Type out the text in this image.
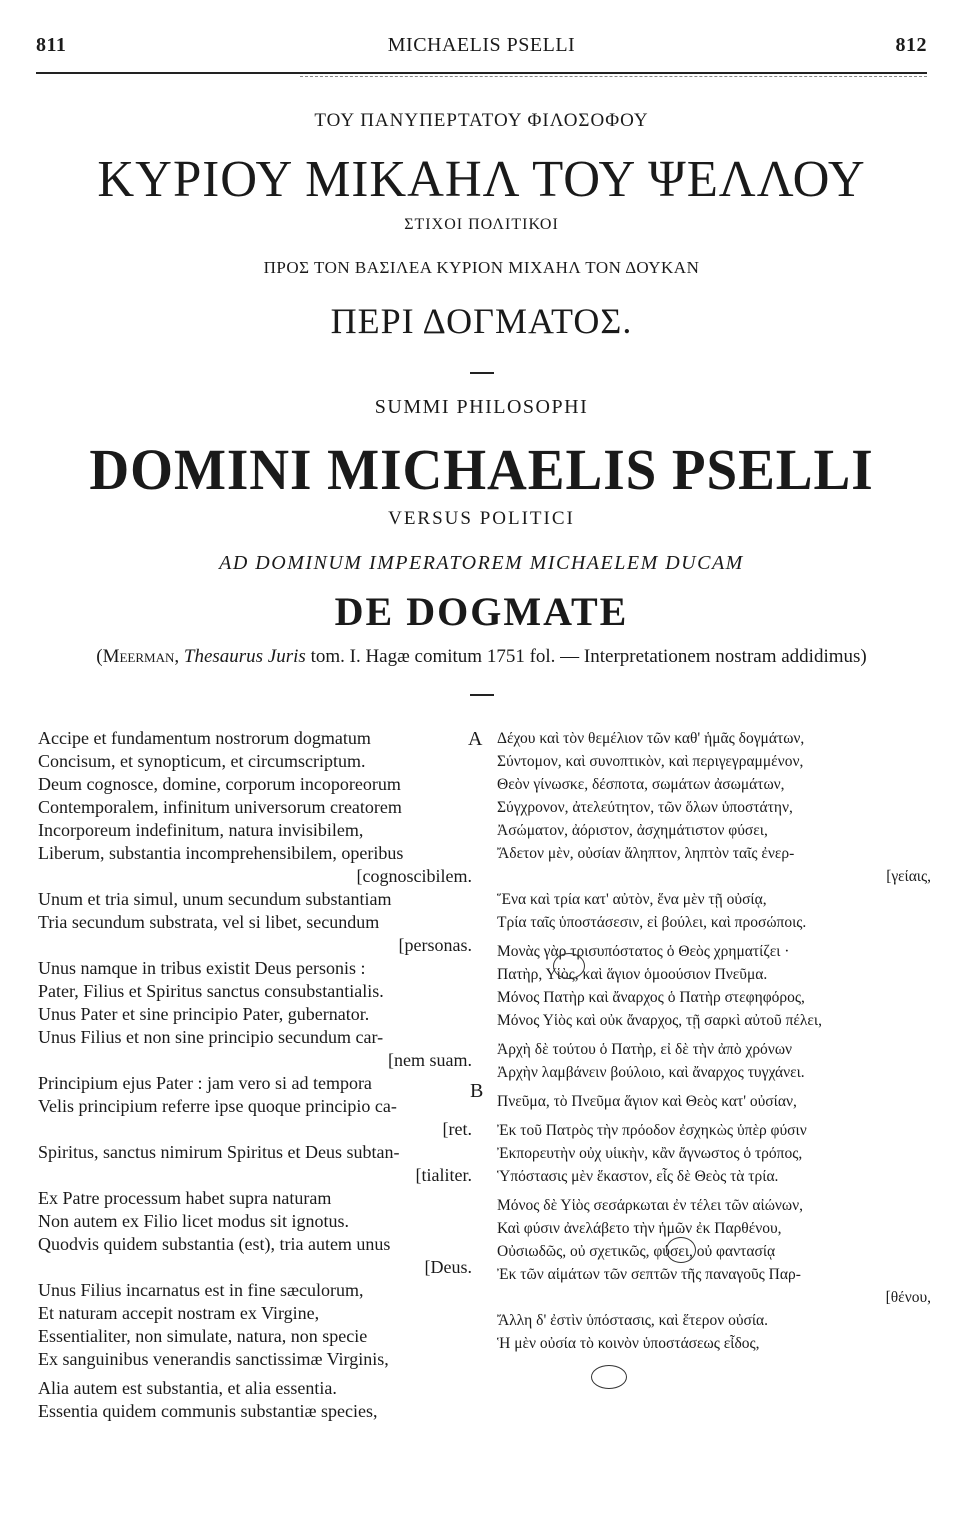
811	MICHAELIS PSELLI	812
ΤΟΥ ΠΑΝΥΠΕΡΤΑΤΟΥ ΦΙΛΟΣΟΦΟΥ
ΚΥΡΙΟΥ ΜΙΚΑΗΛ ΤΟΥ ΨΕΛΛΟΥ
ΣΤΙΧΟΙ ΠΟΛΙΤΙΚΟΙ
ΠΡΟΣ ΤΟΝ ΒΑΣΙΛΕΑ ΚΥΡΙΟΝ ΜΙΧΑΗΛ ΤΟΝ ΔΟΥΚΑΝ
ΠΕΡΙ ΔΟΓΜΑΤΟΣ.
SUMMI PHILOSOPHI
DOMINI MICHAELIS PSELLI
VERSUS POLITICI
AD DOMINUM IMPERATOREM MICHAELEM DUCAM
DE DOGMATE
(Meerman, Thesaurus Juris tom. I. Hagæ comitum 1751 fol. — Interpretationem nostram addidimus)
A
B
Accipe et fundamentum nostrorum dogmatum
Concisum, et synopticum, et circumscriptum.
Deum cognosce, domine, corporum incoporeorum
Contemporalem, infinitum universorum creatorem
Incorporeum indefinitum, natura invisibilem,
Liberum, substantia incomprehensibilem, operibus
[cognoscibilem.
Unum et tria simul, unum secundum substantiam
Tria secundum substrata, vel si libet, secundum
[personas.
Unus namque in tribus existit Deus personis :
Pater, Filius et Spiritus sanctus consubstantialis.
Unus Pater et sine principio Pater, gubernator.
Unus Filius et non sine principio secundum car-
[nem suam.
Principium ejus Pater : jam vero si ad tempora
Velis principium referre ipse quoque principio ca-
[ret.
Spiritus, sanctus nimirum Spiritus et Deus subtan-
[tialiter.
Ex Patre processum habet supra naturam
Non autem ex Filio licet modus sit ignotus.
Quodvis quidem substantia (est), tria autem unus
[Deus.
Unus Filius incarnatus est in fine sæculorum,
Et naturam accepit nostram ex Virgine,
Essentialiter, non simulate, natura, non specie
Ex sanguinibus venerandis sanctissimæ Virginis,
Alia autem est substantia, et alia essentia.
Essentia quidem communis substantiæ species,
Δέχου καὶ τὸν θεμέλιον τῶν καθ' ἡμᾶς δογμάτων,
Σύντομον, καὶ συνοπτικὸν, καὶ περιγεγραμμένον,
Θεὸν γίνωσκε, δέσποτα, σωμάτων ἀσωμάτων,
Σύγχρονον, ἀτελεύτητον, τῶν ὅλων ὑποστάτην,
Ἀσώματον, ἀόριστον, ἀσχημάτιστον φύσει,
Ἄδετον μὲν, οὐσίαν ἄληπτον, ληπτὸν ταῖς ἐνερ-
[γείαις,
Ἕνα καὶ τρία κατ' αὐτὸν, ἕνα μὲν τῇ οὐσίᾳ,
Τρία ταῖς ὑποστάσεσιν, εἰ βούλει, καὶ προσώποις.
Μονὰς γὰρ τρισυπόστατος ὁ Θεὸς χρηματίζει ·
Πατὴρ, Υἱὸς, καὶ ἅγιον ὁμοούσιον Πνεῦμα.
Μόνος Πατὴρ καὶ ἄναρχος ὁ Πατὴρ στεφηφόρος,
Μόνος Υἱὸς καὶ οὐκ ἄναρχος, τῇ σαρκὶ αὐτοῦ πέλει,
Ἀρχὴ δὲ τούτου ὁ Πατὴρ, εἰ δὲ τὴν ἀπὸ χρόνων
Ἀρχὴν λαμβάνειν βούλοιο, καὶ ἄναρχος τυγχάνει.
Πνεῦμα, τὸ Πνεῦμα ἅγιον καὶ Θεὸς κατ' οὐσίαν,
Ἐκ τοῦ Πατρὸς τὴν πρόοδον ἐσχηκὼς ὑπὲρ φύσιν
Ἐκπορευτὴν οὐχ υἱικὴν, κἂν ἄγνωστος ὁ τρόπος,
Ὑπόστασις μὲν ἕκαστον, εἷς δὲ Θεὸς τὰ τρία.
Μόνος δὲ Υἱὸς σεσάρκωται ἐν τέλει τῶν αἰώνων,
Καὶ φύσιν ἀνελάβετο τὴν ἡμῶν ἐκ Παρθένου,
Οὐσιωδῶς, οὐ σχετικῶς, φύσει, οὐ φαντασίᾳ
Ἐκ τῶν αἱμάτων τῶν σεπτῶν τῆς παναγοῦς Παρ-
[θένου,
Ἄλλη δ' ἐστὶν ὑπόστασις, καὶ ἕτερον οὐσία.
Ἡ μὲν οὐσία τὸ κοινὸν ὑποστάσεως εἶδος,
